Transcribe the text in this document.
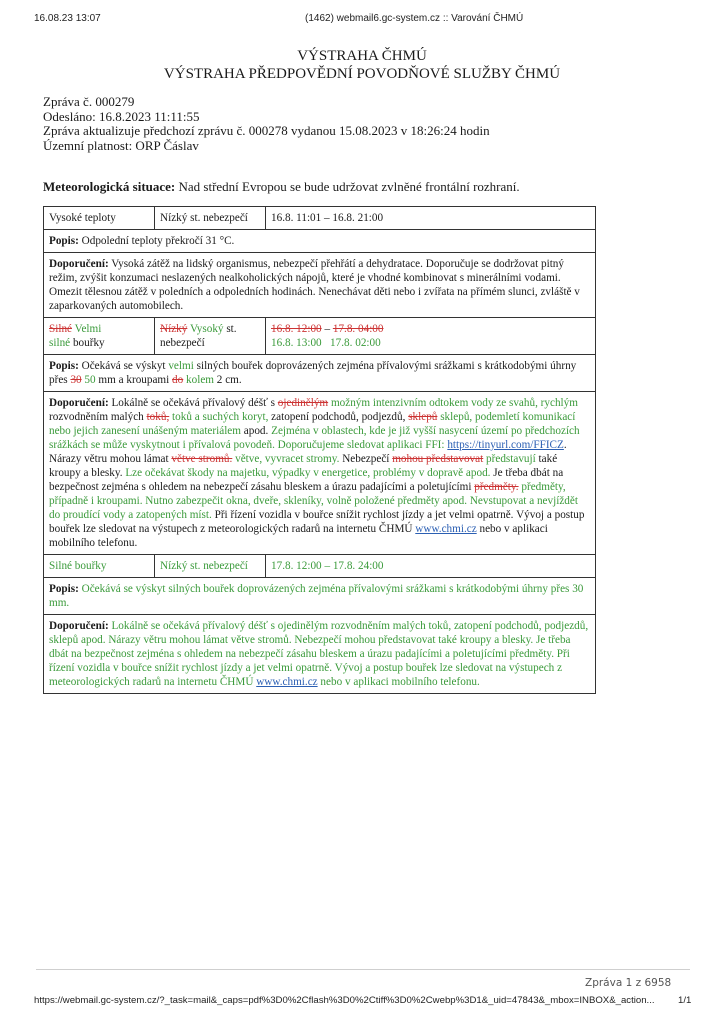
16.08.23 13:07	(1462) webmail6.gc-system.cz :: Varování ČHMÚ
VÝSTRAHA ČHMÚ
VÝSTRAHA PŘEDPOVĚDNÍ POVODŇOVÉ SLUŽBY ČHMÚ
Zpráva č. 000279
Odesláno: 16.8.2023 11:11:55
Zpráva aktualizuje předchozí zprávu č. 000278 vydanou 15.08.2023 v 18:26:24 hodin
Územní platnost: ORP Čáslav
Meteorologická situace: Nad střední Evropou se bude udržovat zvlněné frontální rozhraní.
Vysoké teploty	Nízký st. nebezpečí	16.8. 11:01 – 16.8. 21:00
Popis: Odpolední teploty překročí 31 °C.		
Doporučení: Vysoká zátěž na lidský organismus, nebezpečí přehřátí a dehydratace. Doporučuje se dodržovat pitný režim, zvýšit konzumaci neslazených nealkoholických nápojů, které je vhodné kombinovat s minerálními vodami. Omezit tělesnou zátěž v poledních a odpoledních hodinách. Nenechávat děti nebo i zvířata na přímém slunci, zvláště v zaparkovaných automobilech.		
Silné Velmi
silné bouřky	Nízký Vysoký st. nebezpečí	16.8. 12:00 – 17.8. 04:00
16.8. 13:00 17.8. 02:00
Popis: Očekává se výskyt velmi silných bouřek doprovázených zejména přívalovými srážkami s krátkodobými úhrny přes 30 50 mm a kroupami do kolem 2 cm.		
Doporučení: Lokálně se očekává přívalový déšť s ojedinělým možným intenzivním odtokem vody ze svahů, rychlým rozvodněním malých toků, toků a suchých koryt, zatopení podchodů, podjezdů, sklepů sklepů, podemletí komunikací nebo jejich zanesení unášeným materiálem apod. Zejména v oblastech, kde je již vyšší nasycení území po předchozích srážkách se může vyskytnout i přívalová povodeň. Doporučujeme sledovat aplikaci FFI: https://tinyurl.com/FFICZ. Nárazy větru mohou lámat větve stromů. větve, vyvracet stromy. Nebezpečí mohou představovat představují také kroupy a blesky. Lze očekávat škody na majetku, výpadky v energetice, problémy v dopravě apod. Je třeba dbát na bezpečnost zejména s ohledem na nebezpečí zásahu bleskem a úrazu padajícími a poletujícími předměty. předměty, případně i kroupami. Nutno zabezpečit okna, dveře, skleníky, volně položené předměty apod. Nevstupovat a nevjíždět do proudící vody a zatopených míst. Při řízení vozidla v bouřce snížit rychlost jízdy a jet velmi opatrně. Vývoj a postup bouřek lze sledovat na výstupech z meteorologických radarů na internetu ČHMÚ www.chmi.cz nebo v aplikaci mobilního telefonu.		
Silné bouřky	Nízký st. nebezpečí	17.8. 12:00 – 17.8. 24:00
Popis: Očekává se výskyt silných bouřek doprovázených zejména přívalovými srážkami s krátkodobými úhrny přes 30 mm.		
Doporučení: Lokálně se očekává přívalový déšť s ojedinělým rozvodněním malých toků, zatopení podchodů, podjezdů, sklepů apod. Nárazy větru mohou lámat větve stromů. Nebezpečí mohou představovat také kroupy a blesky. Je třeba dbát na bezpečnost zejména s ohledem na nebezpečí zásahu bleskem a úrazu padajícími a poletujícími předměty. Při řízení vozidla v bouřce snížit rychlost jízdy a jet velmi opatrně. Vývoj a postup bouřek lze sledovat na výstupech z meteorologických radarů na internetu ČHMÚ www.chmi.cz nebo v aplikaci mobilního telefonu.		
Zpráva 1 z 6958
https://webmail.gc-system.cz/?_task=mail&_caps=pdf%3D0%2Cflash%3D0%2Ctiff%3D0%2Cwebp%3D1&_uid=47843&_mbox=INBOX&_action... 1/1
